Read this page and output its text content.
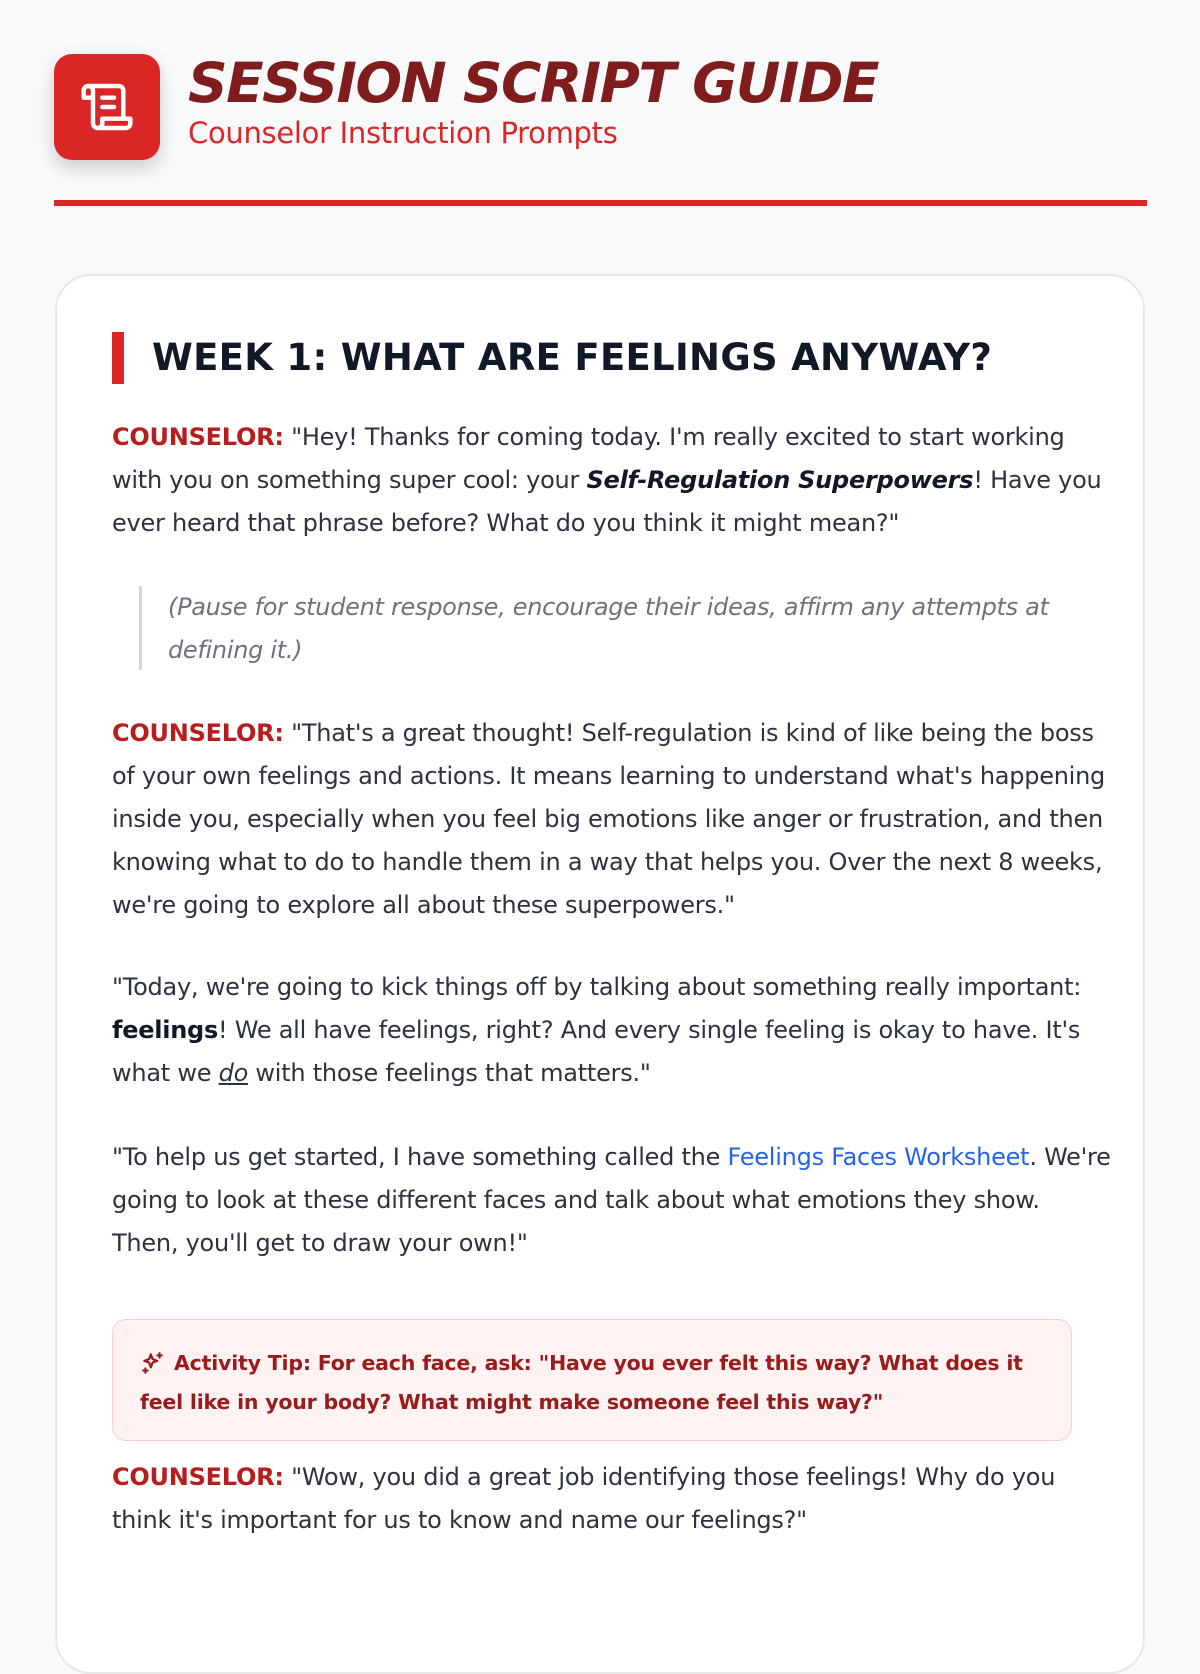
SESSION SCRIPT GUIDE
Counselor Instruction Prompts
WEEK 1: WHAT ARE FEELINGS ANYWAY?
COUNSELOR: "Hey! Thanks for coming today. I'm really excited to start working with you on something super cool: your Self-Regulation Superpowers! Have you ever heard that phrase before? What do you think it might mean?"
(Pause for student response, encourage their ideas, affirm any attempts at defining it.)
COUNSELOR: "That's a great thought! Self-regulation is kind of like being the boss of your own feelings and actions. It means learning to understand what's happening inside you, especially when you feel big emotions like anger or frustration, and then knowing what to do to handle them in a way that helps you. Over the next 8 weeks, we're going to explore all about these superpowers."
"Today, we're going to kick things off by talking about something really important: feelings! We all have feelings, right? And every single feeling is okay to have. It's what we do with those feelings that matters."
"To help us get started, I have something called the Feelings Faces Worksheet. We're going to look at these different faces and talk about what emotions they show. Then, you'll get to draw your own!"
Activity Tip: For each face, ask: "Have you ever felt this way? What does it feel like in your body? What might make someone feel this way?"
COUNSELOR: "Wow, you did a great job identifying those feelings! Why do you think it's important for us to know and name our feelings?"
